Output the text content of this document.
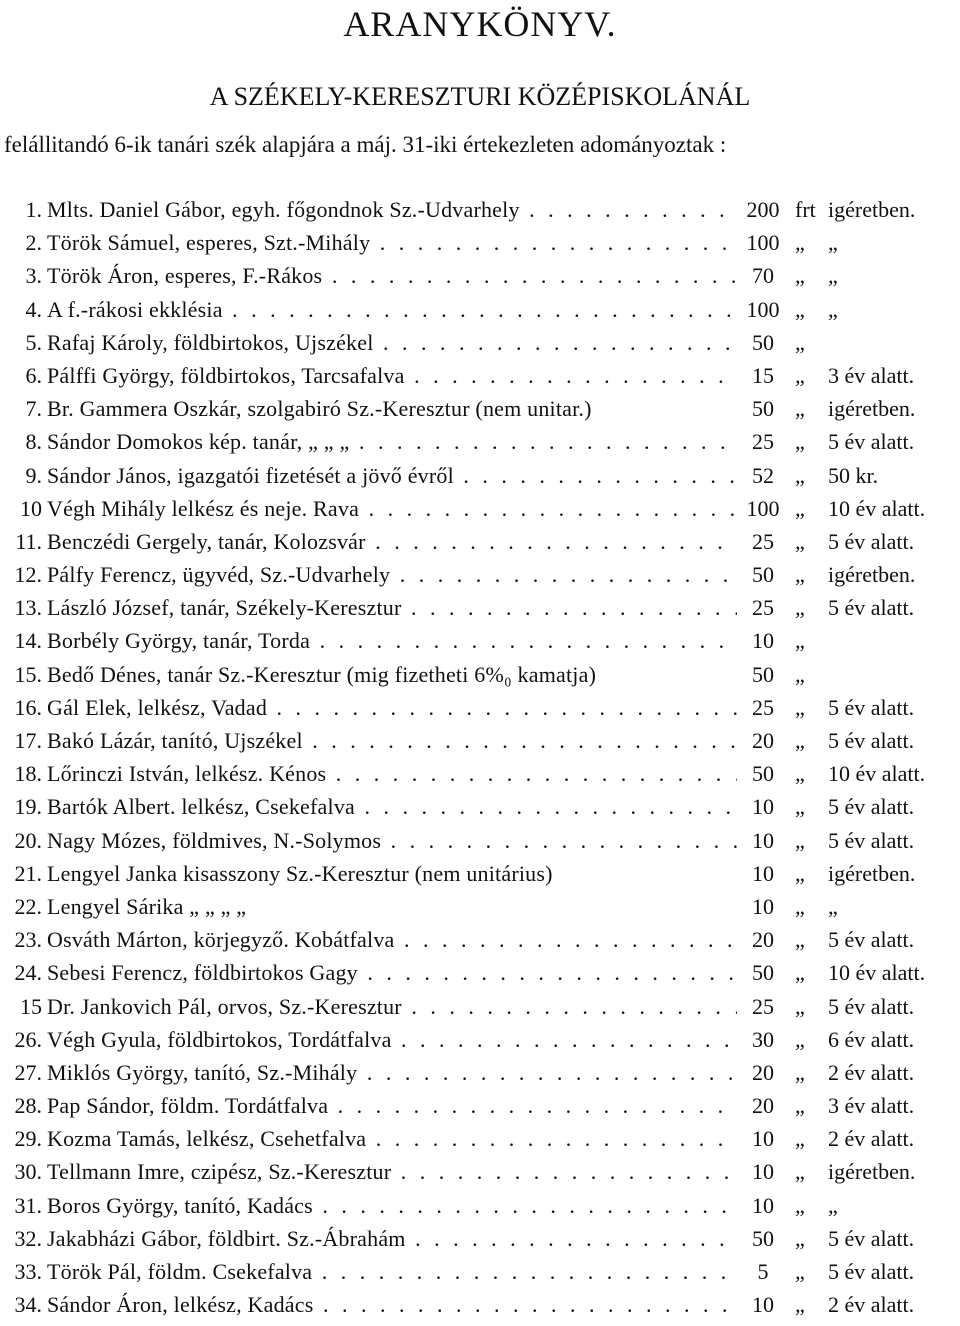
ARANYKÖNYV.
A SZÉKELY-KERESZTURI KÖZÉPISKOLÁNÁL
felállitandó 6-ik tanári szék alapjára a máj. 31-iki értekezleten adományoztak :
1. Mlts. Daniel Gábor, egyh. főgondnok Sz.-Udvarhely . . .	200 frt igéretben.
2. Török Sámuel, esperes, Szt.-Mihály . . .	100 „	„
3. Török Áron, esperes, F.-Rákos . . .	70 „	„
4. A f.-rákosi ekklésia . . .	100 „	„
5. Rafaj Károly, földbirtokos, Ujszékel . . .	50 „
6. Pálffi György, földbirtokos, Tarcsafalva . . .	15 „	3 év alatt.
7. Br. Gammera Oszkár, szolgabiró Sz.-Keresztur (nem unitar.)	50 „	igéretben.
8. Sándor Domokos kép. tanár, „ „ „ . . .	25 „	5 év alatt.
9. Sándor János, igazgatói fizetését a jövő évről . . .	52 „	50 kr.
10 Végh Mihály lelkész és neje. Rava . . .	100 „	10 év alatt.
11. Benczédi Gergely, tanár, Kolozsvár . . .	25 „	5 év alatt.
12. Pálfy Ferencz, ügyvéd, Sz.-Udvarhely . . .	50 „	igéretben.
13. László József, tanár, Székely-Keresztur . . .	25 „	5 év alatt.
14. Borbély György, tanár, Torda . . .	10 „
15. Bedő Dénes, tanár Sz.-Keresztur (mig fizetheti 6%₀ kamatja)	50 „
16. Gál Elek, lelkész, Vadad . . .	25 „	5 év alatt.
17. Bakó Lázár, tanító, Ujszékel . . .	20 „	5 év alatt.
18. Lőrinczi István, lelkész. Kénos . . .	50 „	10 év alatt.
19. Bartók Albert. lelkész, Csekefalva . . .	10 „	5 év alatt.
20. Nagy Mózes, földmives, N.-Solymos . . .	10 „	5 év alatt.
21. Lengyel Janka kisasszony Sz.-Keresztur (nem unitárius)	10 „	igéretben.
22. Lengyel Sárika „ „ „ „	10 „	„
23. Osváth Márton, körjegyző. Kobátfalva . . .	20 „	5 év alatt.
24. Sebesi Ferencz, földbirtokos Gagy . . .	50 „	10 év alatt.
15 Dr. Jankovich Pál, orvos, Sz.-Keresztur . . .	25 „	5 év alatt.
26. Végh Gyula, földbirtokos, Tordátfalva . . .	30 „	6 év alatt.
27. Miklós György, tanító, Sz.-Mihály . . .	20 „	2 év alatt.
28. Pap Sándor, földm. Tordátfalva . . .	20 „	3 év alatt.
29. Kozma Tamás, lelkész, Csehetfalva . . .	10 „	2 év alatt.
30. Tellmann Imre, czipész, Sz.-Keresztur . . .	10 „	igéretben.
31. Boros György, tanító, Kadács . . .	10 „	„
32. Jakabházi Gábor, földbirt. Sz.-Ábrahám . . .	50 „	5 év alatt.
33. Török Pál, földm. Csekefalva . . .	5	„	5 év alatt.
34. Sándor Áron, lelkész, Kadács . . .	10 „	2 év alatt.
